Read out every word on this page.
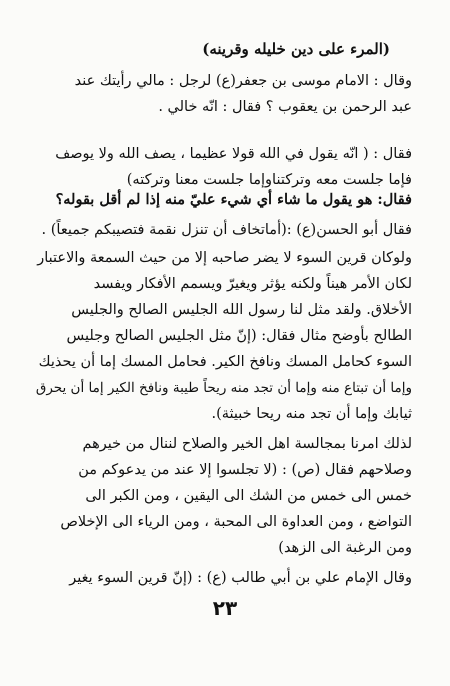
(المرء على دين خليله وقرينه)
وقال : الامام موسى بن جعفر(ع) لرجل : مالي رأيتك عند
عبد الرحمن بن يعقوب ؟ فقال : انّه خالي .
فقال : ( انّه يقول في الله قولا عظيما ، يصف الله ولا يوصف
فإما جلست معه وتركتناوإما جلست معنا وتركته)
فقال: هو يقول ما شاء أي شيء عليّ منه إذا لم أقل بقوله؟
فقال أبو الحسن(ع) :(أماتخاف أن تنزل نقمة فتصيبكم جميعاً) .
ولوكان قرين السوء لا يضر صاحبه إلا من حيث السمعة والاعتبار
لكان الأمر هيناً ولكنه يؤثر ويغيرّ ويسمم الأفكار ويفسد
الأخلاق. ولقد مثل لنا رسول الله الجليس الصالح والجليس
الطالح بأوضح مثال فقال: (إنّ مثل الجليس الصالح وجليس
السوء كحامل المسك ونافخ الكير. فحامل المسك إما أن يحذيك
وإما أن تبتاع منه وإما أن تجد منه ريحاً طيبة ونافخ الكير إما أن يحرق
ثيابك وإما أن تجد منه ريحا خبيثة).
لذلك امرنا بمجالسة اهل الخير والصلاح لننال من خيرهم
وصلاحهم فقال (ص) : (لا تجلسوا إلا عند من يدعوكم من
خمس الى خمس من الشك الى اليقين ، ومن الكبر الى
التواضع ، ومن العداوة الى المحبة ، ومن الرياء الى الإخلاص
ومن الرغبة الى الزهد)
وقال الإمام علي بن أبي طالب (ع) : (إنّ قرين السوء يغير
٢٣
